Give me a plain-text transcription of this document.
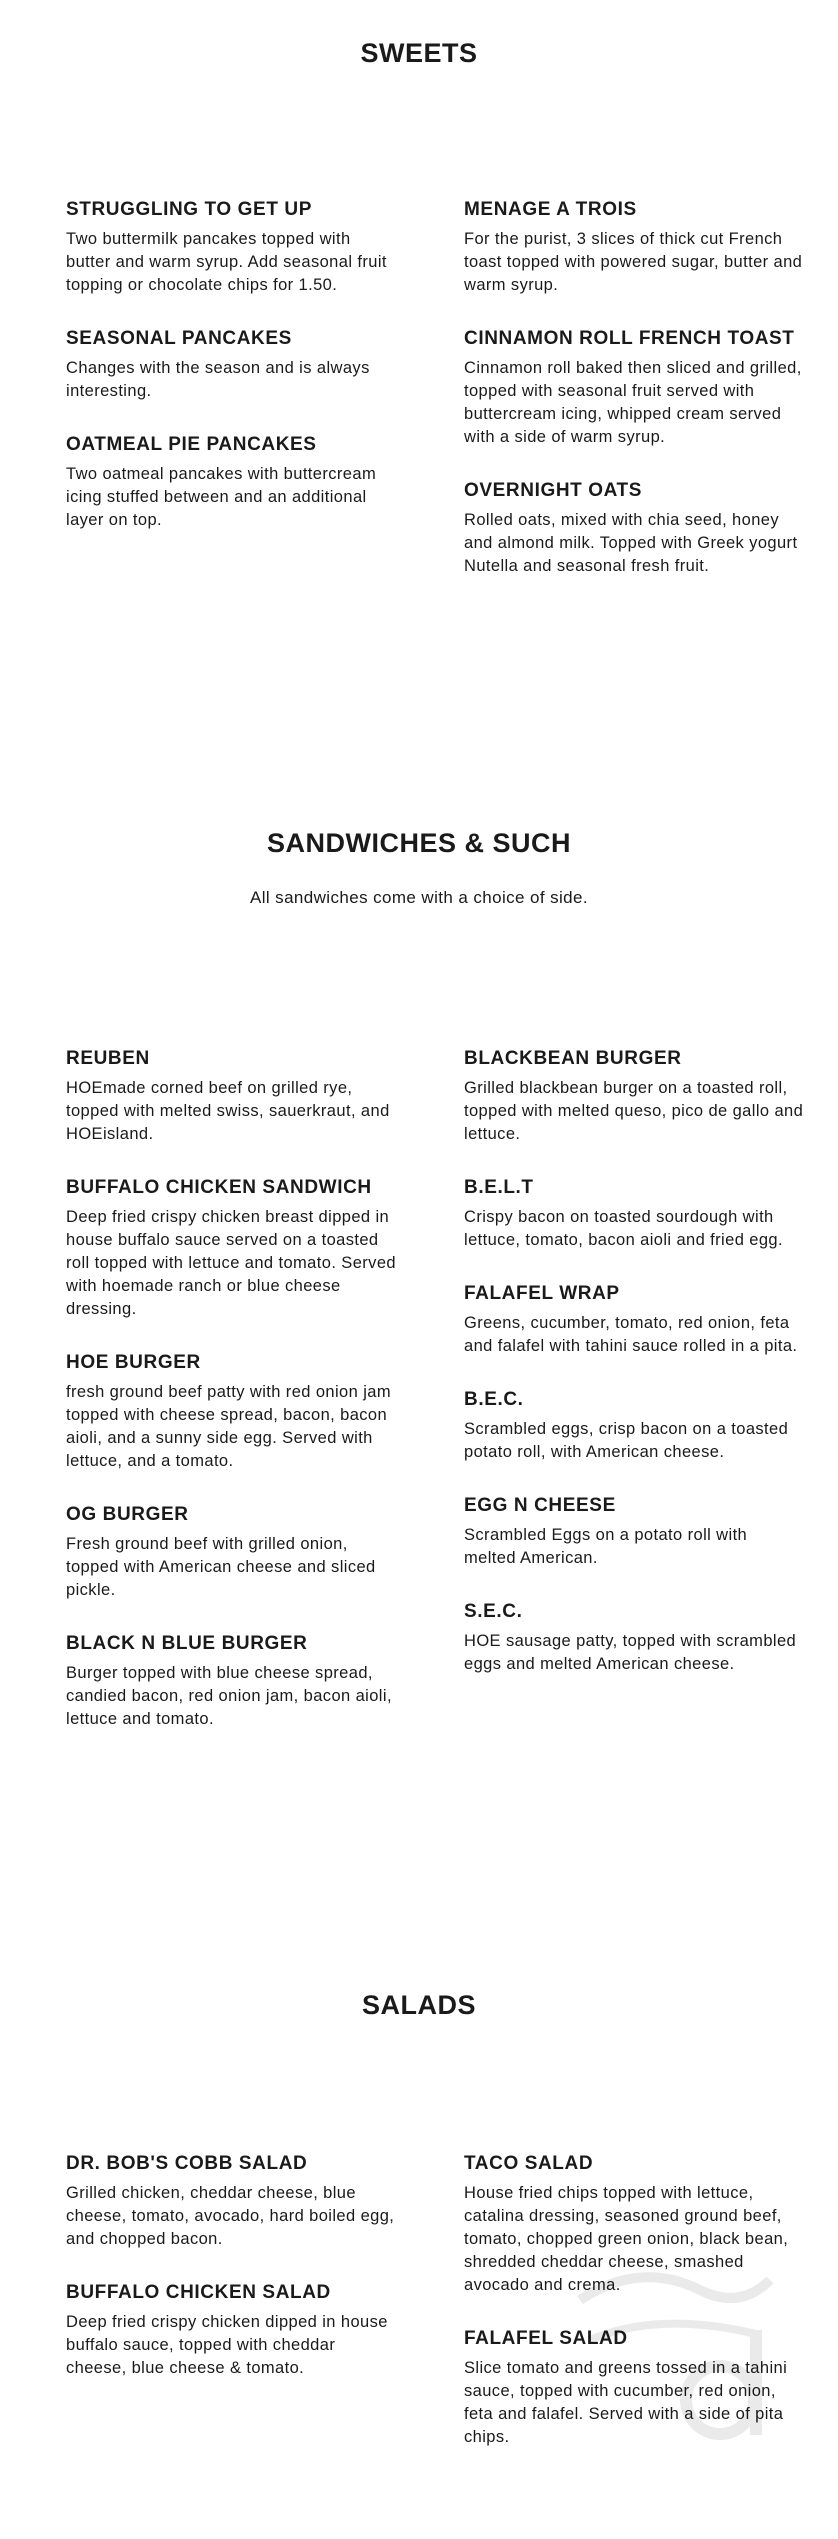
SWEETS
STRUGGLING TO GET UP

Two buttermilk pancakes topped with butter and warm syrup. Add seasonal fruit topping or chocolate chips for 1.50.

SEASONAL PANCAKES

Changes with the season and is always interesting.

OATMEAL PIE PANCAKES

Two oatmeal pancakes with buttercream icing stuffed between and an additional layer on top.

MENAGE A TROIS

For the purist, 3 slices of thick cut French toast topped with powered sugar, butter and warm syrup.

CINNAMON ROLL FRENCH TOAST

Cinnamon roll baked then sliced and grilled, topped with seasonal fruit served with buttercream icing, whipped cream served with a side of warm syrup.

OVERNIGHT OATS

Rolled oats, mixed with chia seed, honey and almond milk. Topped with Greek yogurt Nutella and seasonal fresh fruit.

SANDWICHES & SUCH

All sandwiches come with a choice of side.

REUBEN

HOEmade corned beef on grilled rye, topped with melted swiss, sauerkraut, and HOEisland.

BUFFALO CHICKEN SANDWICH

Deep fried crispy chicken breast dipped in house buffalo sauce served on a toasted roll topped with lettuce and tomato. Served with hoemade ranch or blue cheese dressing.

HOE BURGER

fresh ground beef patty with red onion jam topped with cheese spread, bacon, bacon aioli, and a sunny side egg. Served with lettuce, and a tomato.

OG BURGER

Fresh ground beef with grilled onion, topped with American cheese and sliced pickle.

BLACK N BLUE BURGER

Burger topped with blue cheese spread, candied bacon, red onion jam, bacon aioli, lettuce and tomato.

BLACKBEAN BURGER

Grilled blackbean burger on a toasted roll, topped with melted queso, pico de gallo and lettuce.

B.E.L.T

Crispy bacon on toasted sourdough with lettuce, tomato, bacon aioli and fried egg.

FALAFEL WRAP

Greens, cucumber, tomato, red onion, feta and falafel with tahini sauce rolled in a pita.

B.E.C.

Scrambled eggs, crisp bacon on a toasted potato roll, with American cheese.

EGG N CHEESE

Scrambled Eggs on a potato roll with melted American.

S.E.C.

HOE sausage patty, topped with scrambled eggs and melted American cheese.

SALADS
DR. BOB'S COBB SALAD

Grilled chicken, cheddar cheese, blue cheese, tomato, avocado, hard boiled egg, and chopped bacon.

BUFFALO CHICKEN SALAD

Deep fried crispy chicken dipped in house buffalo sauce, topped with cheddar cheese, blue cheese & tomato.

TACO SALAD

House fried chips topped with lettuce, catalina dressing, seasoned ground beef, tomato, chopped green onion, black bean, shredded cheddar cheese, smashed avocado and crema.

FALAFEL SALAD

Slice tomato and greens tossed in a tahini sauce, topped with cucumber, red onion, feta and falafel. Served with a side of pita chips.
